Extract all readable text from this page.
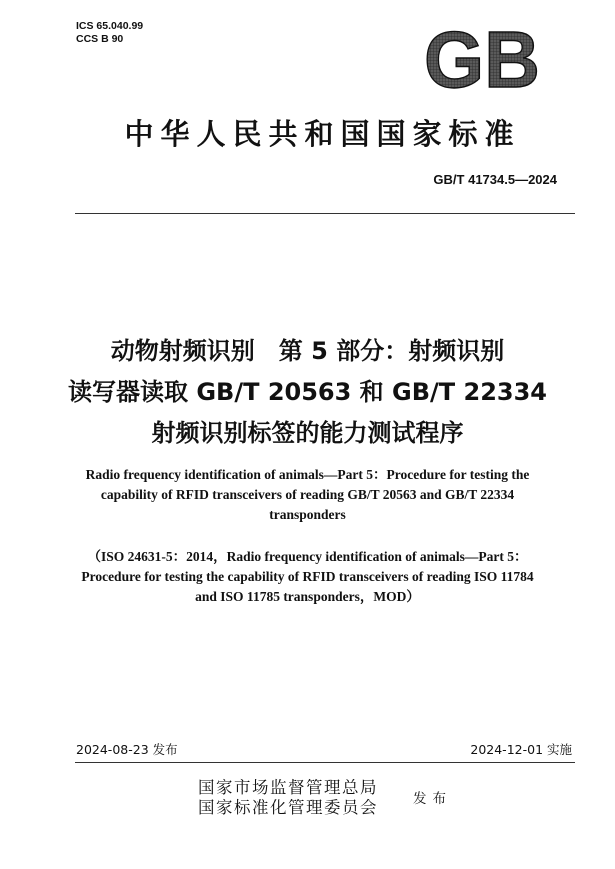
ICS 65.040.99
CCS B 90	GB
中华人民共和国国家标准
GB/T 41734.5—2024
动物射频识别　第 5 部分：射频识别
读写器读取 GB/T 20563 和 GB/T 22334
射频识别标签的能力测试程序
Radio frequency identification of animals—Part 5：Procedure for testing the
capability of RFID transceivers of reading GB/T 20563 and GB/T 22334
transponders
（ISO 24631-5：2014，Radio frequency identification of animals—Part 5：
Procedure for testing the capability of RFID transceivers of reading ISO 11784
and ISO 11785 transponders，MOD）
2024-08-23 发布	2024-12-01 实施
国家市场监督管理总局
国家标准化管理委员会	发布
